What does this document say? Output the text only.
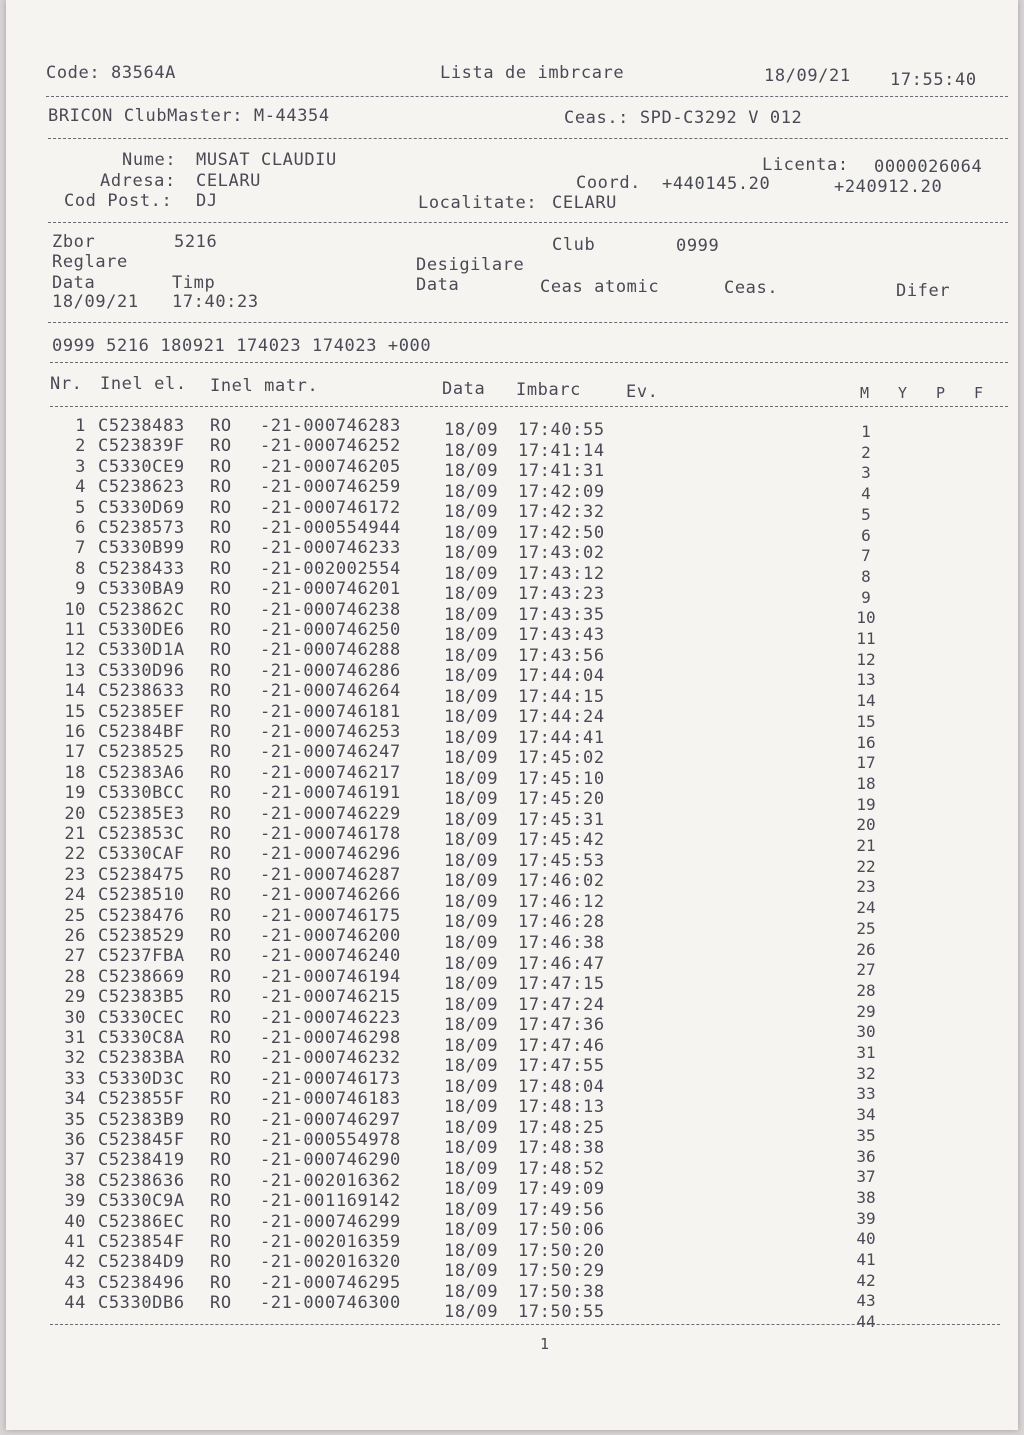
Code: 83564A	Lista de imbrcare	18/09/21 17:55:40
BRICON ClubMaster: M-44354	Ceas.: SPD-C3292 V 012
Nume: MUSAT CLAUDIU
Adresa: CELARU
Cod Post.: DJ
Licenta: 0000026064
Coord. +440145.20	+240912.20
Localitate: CELARU
Zbor	5216	Club	0999
Reglare	Desigilare
Data	Timp	Data	Ceas atomic	Ceas.	Difer
18/09/21 17:40:23
0999 5216 180921 174023 174023 +000
Nr. Inel el. Inel matr.	Data Imbarc	Ev.	M Y P F
1 C5238483 RO -21-000746283	18/09 17:40:55	1
2 C523839F RO -21-000746252	18/09 17:41:14	2
3 C5330CE9 RO -21-000746205	18/09 17:41:31	3
4 C5238623 RO -21-000746259	18/09 17:42:09	4
5 C5330D69 RO -21-000746172	18/09 17:42:32	5
6 C5238573 RO -21-000554944	18/09 17:42:50	6
7 C5330B99 RO -21-000746233	18/09 17:43:02	7
8 C5238433 RO -21-002002554	18/09 17:43:12	8
9 C5330BA9 RO -21-000746201	18/09 17:43:23	9
10 C523862C RO -21-000746238	18/09 17:43:35	10
11 C5330DE6 RO -21-000746250	18/09 17:43:43	11
12 C5330D1A RO -21-000746288	18/09 17:43:56	12
13 C5330D96 RO -21-000746286	18/09 17:44:04	13
14 C5238633 RO -21-000746264	18/09 17:44:15	14
15 C52385EF RO -21-000746181	18/09 17:44:24	15
16 C52384BF RO -21-000746253	18/09 17:44:41	16
17 C5238525 RO -21-000746247	18/09 17:45:02	17
18 C52383A6 RO -21-000746217	18/09 17:45:10	18
19 C5330BCC RO -21-000746191	18/09 17:45:20	19
20 C52385E3 RO -21-000746229	18/09 17:45:31	20
21 C523853C RO -21-000746178	18/09 17:45:42	21
22 C5330CAF RO -21-000746296	18/09 17:45:53	22
23 C5238475 RO -21-000746287	18/09 17:46:02	23
24 C5238510 RO -21-000746266	18/09 17:46:12	24
25 C5238476 RO -21-000746175	18/09 17:46:28	25
26 C5238529 RO -21-000746200	18/09 17:46:38	26
27 C5237FBA RO -21-000746240	18/09 17:46:47	27
28 C5238669 RO -21-000746194	18/09 17:47:15	28
29 C52383B5 RO -21-000746215	18/09 17:47:24	29
30 C5330CEC RO -21-000746223	18/09 17:47:36	30
31 C5330C8A RO -21-000746298	18/09 17:47:46	31
32 C52383BA RO -21-000746232	18/09 17:47:55	32
33 C5330D3C RO -21-000746173	18/09 17:48:04	33
34 C523855F RO -21-000746183	18/09 17:48:13	34
35 C52383B9 RO -21-000746297	18/09 17:48:25	35
36 C523845F RO -21-000554978	18/09 17:48:38	36
37 C5238419 RO -21-000746290	18/09 17:48:52	37
38 C5238636 RO -21-002016362	18/09 17:49:09	38
39 C5330C9A RO -21-001169142	18/09 17:49:56	39
40 C52386EC RO -21-000746299	18/09 17:50:06	40
41 C523854F RO -21-002016359	18/09 17:50:20	41
42 C52384D9 RO -21-002016320	18/09 17:50:29	42
43 C5238496 RO -21-000746295	18/09 17:50:38	43
44 C5330DB6 RO -21-000746300	18/09 17:50:55	44
1
